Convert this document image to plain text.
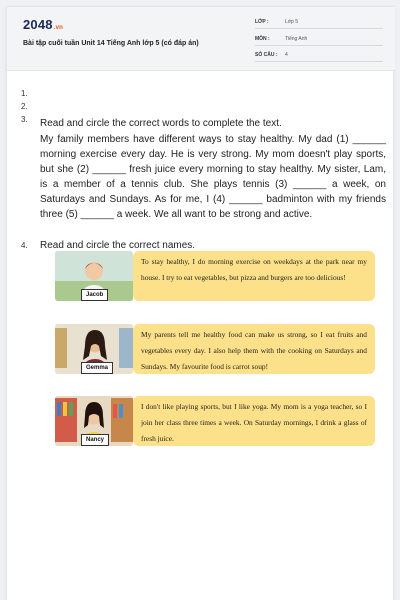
2048.vn
Bài tập cuối tuần Unit 14 Tiếng Anh lớp 5 (có đáp án)
LỚP :	Lớp 5
MÔN :	Tiếng Anh
SỐ CÂU : 4
1.
2.
3. Read and circle the correct words to complete the text.
My family members have different ways to stay healthy. My dad (1) ______ morning exercise every day. He is very strong. My mom doesn't play sports, but she (2) ______ fresh juice every morning to stay healthy. My sister, Lam, is a member of a tennis club. She plays tennis (3) ______ a week, on Saturdays and Sundays. As for me, I (4) ______ badminton with my friends three (5) ______ a week. We all want to be strong and active.
4. Read and circle the correct names.
Jacob
To stay healthy, I do morning exercise on weekdays at the park near my house. I try to eat vegetables, but pizza and burgers are too delicious!
Gemma
My parents tell me healthy food can make us strong, so I eat fruits and vegetables every day. I also help them with the cooking on Saturdays and Sundays. My favourite food is carrot soup!
Nancy
I don't like playing sports, but I like yoga. My mom is a yoga teacher, so I join her class three times a week. On Saturday mornings, I drink a glass of fresh juice.
